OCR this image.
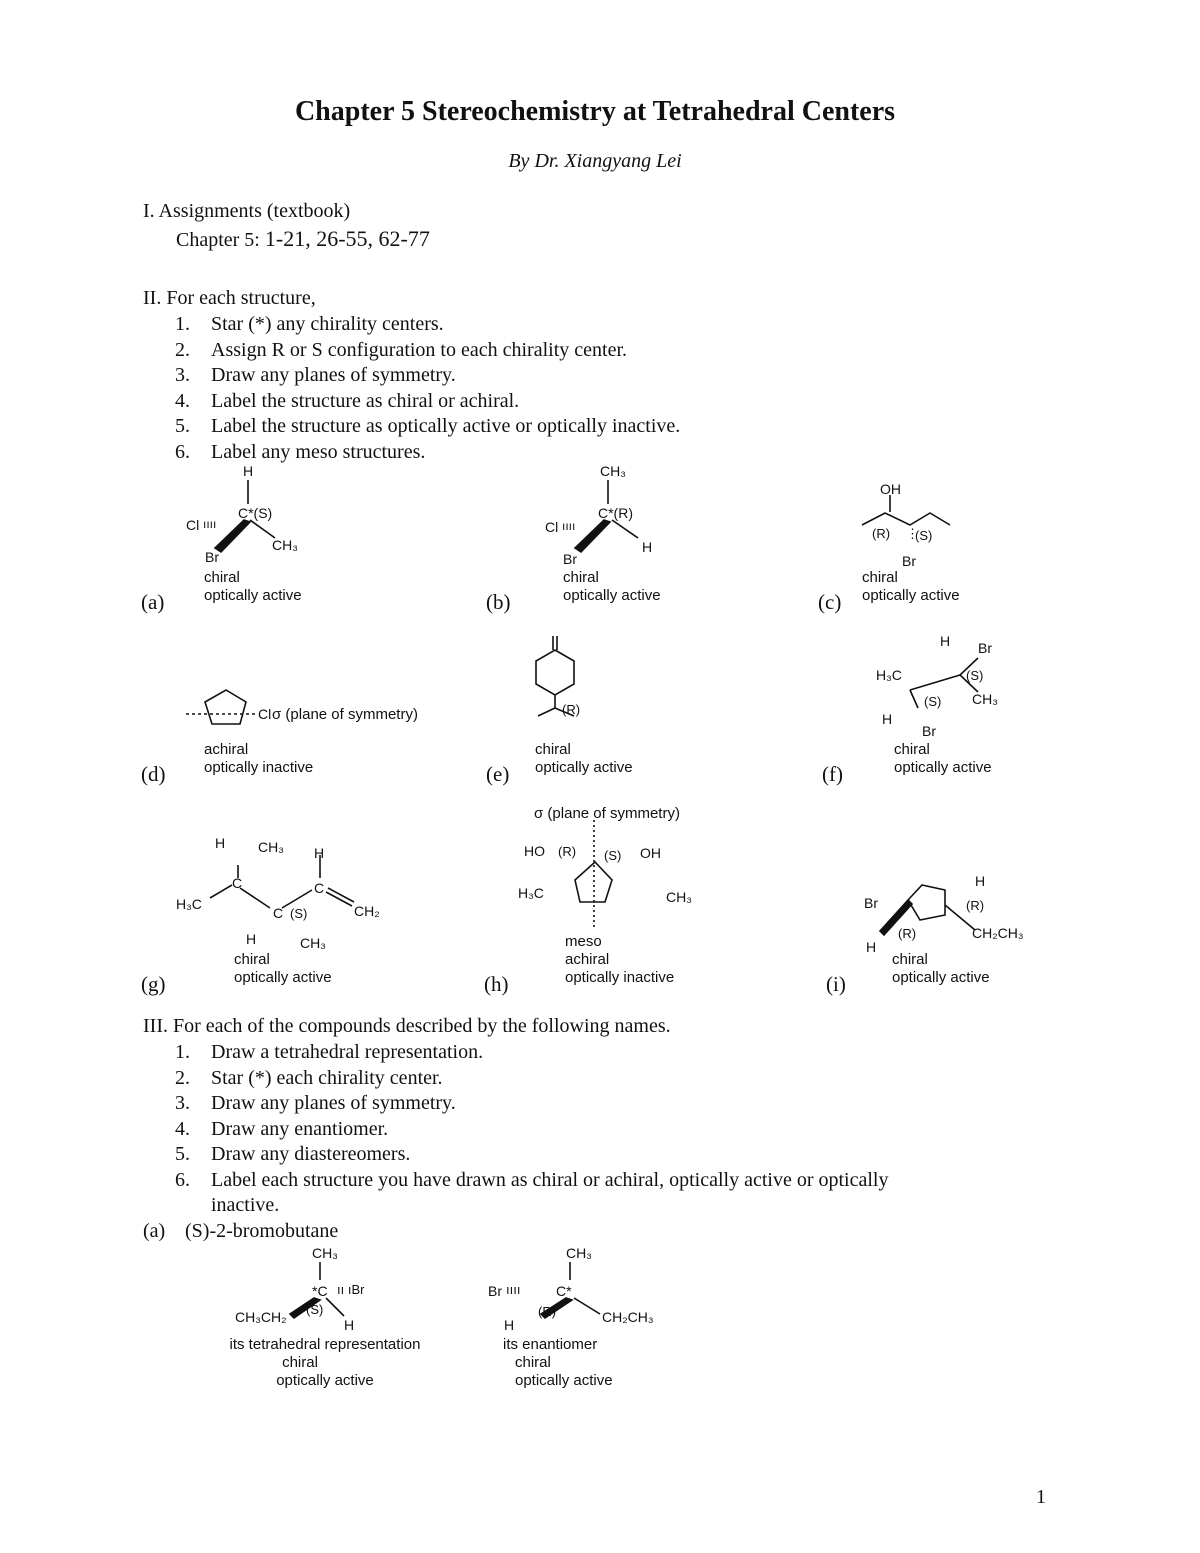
Chapter 5 Stereochemistry at Tetrahedral Centers
By Dr. Xiangyang Lei
I. Assignments (textbook)
Chapter 5: 1-21, 26-55, 62-77
II. For each structure,
1. Star (*) any chirality centers.
2. Assign R or S configuration to each chirality center.
3. Draw any planes of symmetry.
4. Label the structure as chiral or achiral.
5. Label the structure as optically active or optically inactive.
6. Label any meso structures.
H
Cl ıııı
C*(S)
CH₃
Br
CH₃
Cl ıııı
C*(R)
H
Br
OH
(R) (S)
⋮
Br
Cl	(R)
H Br
H₃C	(S)
CH₃
(S)
H
Br
H CH₃ H
C	C
H₃C
C (S)	CH₂
H	CH₃
HO (R) (S) OH
H₃C	CH₃
H
(R)
Br
(R)	CH₂CH₃
H
CH₃
*C ıı ıBr
CH₃CH₂ (S)
H
CH₃
Br ıııı	C*
(R)	CH₂CH₃
H
(a)
chiral
optically active	(b)
chiral
optically active	(c)
chiral
optically active
σ (plane of symmetry)
(d)
achiral
optically inactive	(e)
chiral
optically active	(f)
chiral
optically active
σ (plane of symmetry)
(g)
chiral
optically active	(h)
meso
achiral
optically inactive	(i)
chiral
optically active
III. For each of the compounds described by the following names.
1. Draw a tetrahedral representation.
2. Star (*) each chirality center.
3. Draw any planes of symmetry.
4. Draw any enantiomer.
5. Draw any diastereomers.
6. Label each structure you have drawn as chiral or achiral, optically active or optically
inactive.
(a) (S)-2-bromobutane
its tetrahedral representation
chiral
optically active
its enantiomer
chiral
optically active
1
